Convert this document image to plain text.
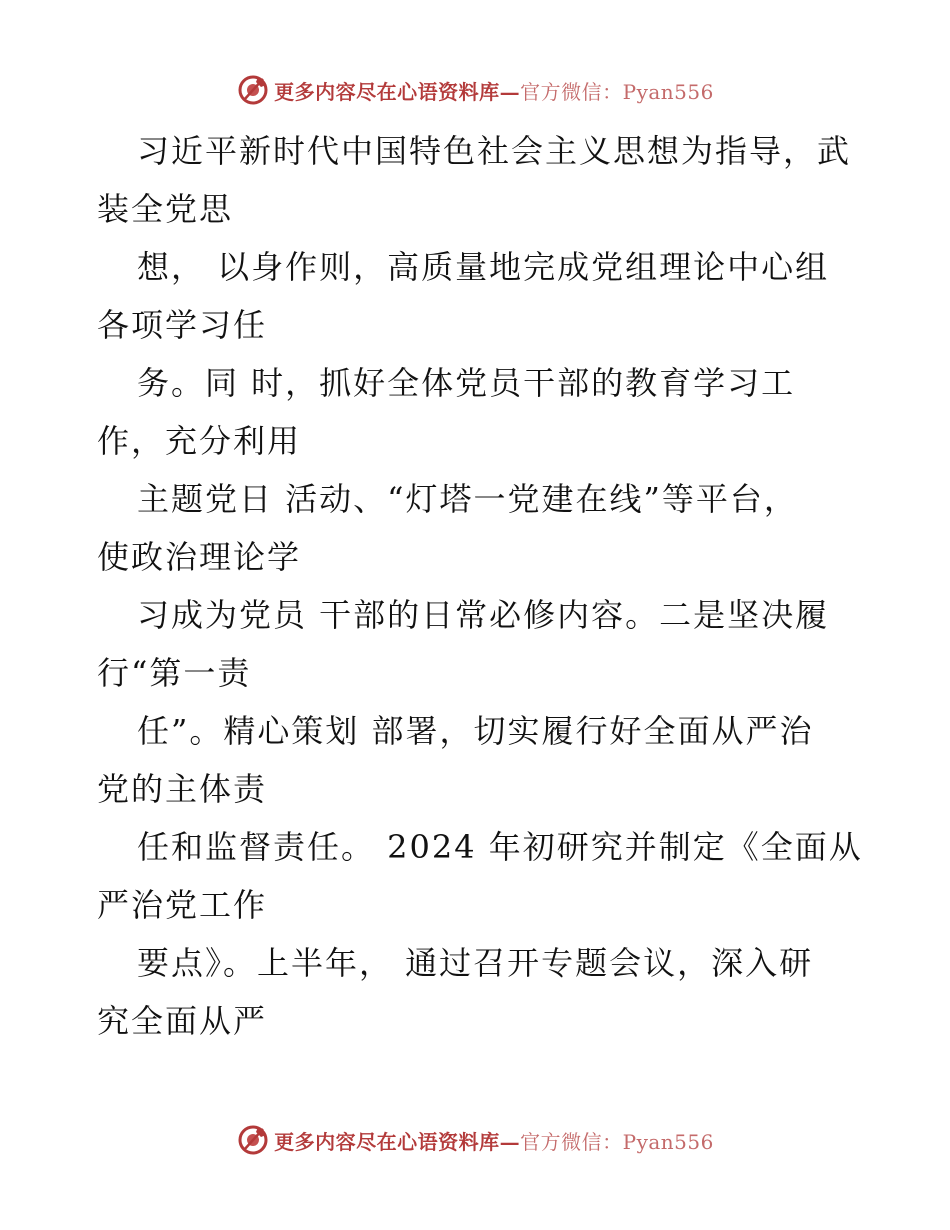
更多内容尽在心语资料库—官方微信：Pyan556
习近平新时代中国特色社会主义思想为指导，武
装全党思
想， 以身作则，高质量地完成党组理论中心组
各项学习任
务。同 时，抓好全体党员干部的教育学习工
作，充分利用
主题党日 活动、“灯塔一党建在线”等平台，
使政治理论学
习成为党员 干部的日常必修内容。二是坚决履
行“第一责
任”。精心策划 部署，切实履行好全面从严治
党的主体责
任和监督责任。 2024 年初研究并制定《全面从
严治党工作
要点》。上半年， 通过召开专题会议，深入研
究全面从严
更多内容尽在心语资料库—官方微信：Pyan556
